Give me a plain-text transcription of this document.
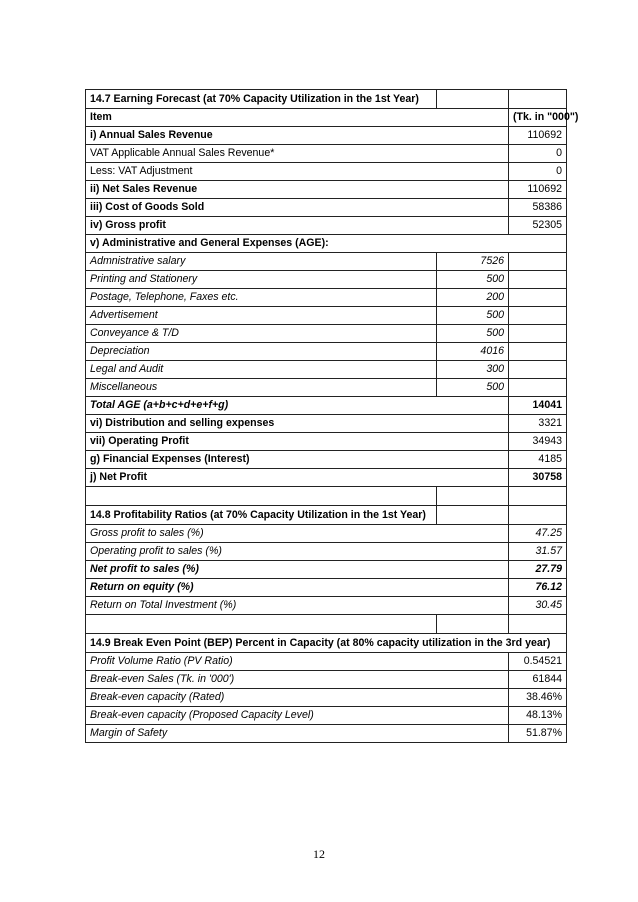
14.7 Earning Forecast (at 70% Capacity Utilization in the 1st Year)		
Item		(Tk. in "000")
i) Annual Sales Revenue		110692
VAT Applicable Annual Sales Revenue*		0
Less: VAT Adjustment		0
ii) Net Sales Revenue		110692
iii) Cost of Goods Sold		58386
iv) Gross profit		52305
v) Administrative and General Expenses (AGE):		
Admnistrative salary	7526	
Printing and Stationery	500	
Postage, Telephone, Faxes etc.	200	
Advertisement	500	
Conveyance & T/D	500	
Depreciation	4016	
Legal and Audit	300	
Miscellaneous	500	
Total AGE (a+b+c+d+e+f+g)		14041
vi) Distribution and selling expenses		3321
vii) Operating Profit		34943
g) Financial Expenses (Interest)		4185
j) Net Profit		30758

14.8 Profitability Ratios (at 70% Capacity Utilization in the 1st Year)		
Gross profit to sales (%)		47.25
Operating profit to sales (%)		31.57
Net profit to sales (%)		27.79
Return on equity (%)		76.12
Return on Total Investment (%)		30.45

14.9 Break Even Point (BEP) Percent in Capacity (at 80% capacity utilization in the 3rd year)		
Profit Volume Ratio (PV Ratio)		0.54521
Break-even Sales (Tk. in '000')		61844
Break-even capacity (Rated)		38.46%
Break-even capacity (Proposed Capacity Level)		48.13%
Margin of Safety		51.87%
12
